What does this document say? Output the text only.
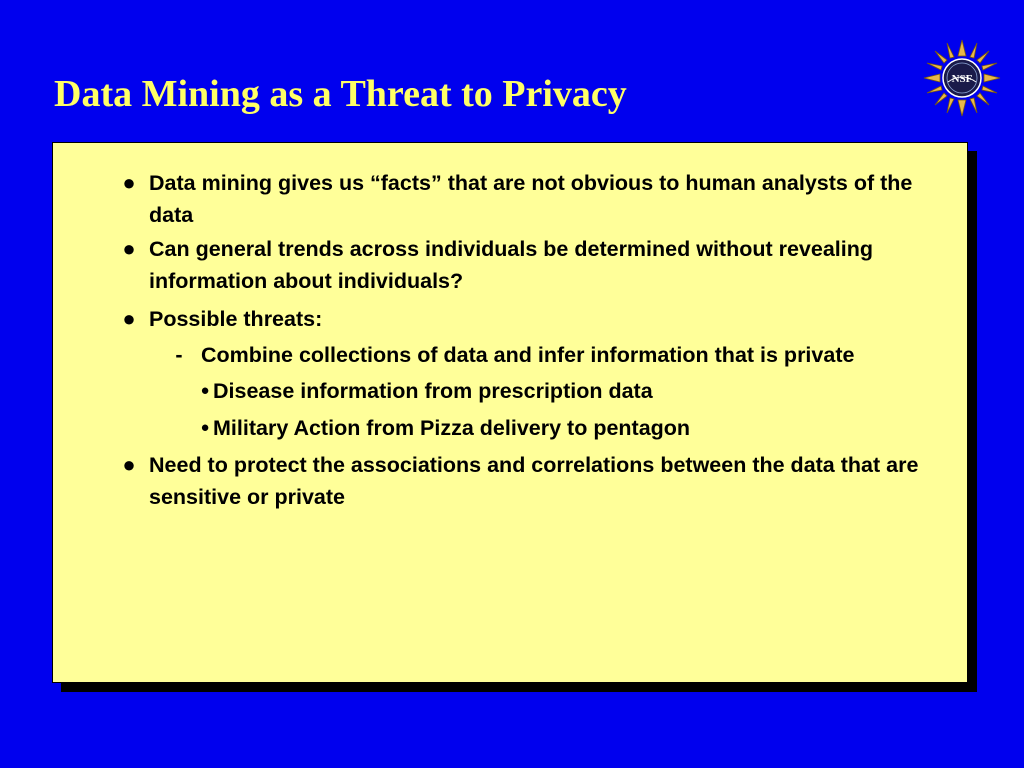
Data Mining as a Threat to Privacy	NSF
● Data mining gives us “facts” that are not obvious to human analysts of the data
● Can general trends across individuals be determined without revealing information about individuals?
● Possible threats:
- Combine collections of data and infer information that is private
● Disease information from prescription data
● Military Action from Pizza delivery to pentagon
● Need to protect the associations and correlations between the data that are sensitive or private
